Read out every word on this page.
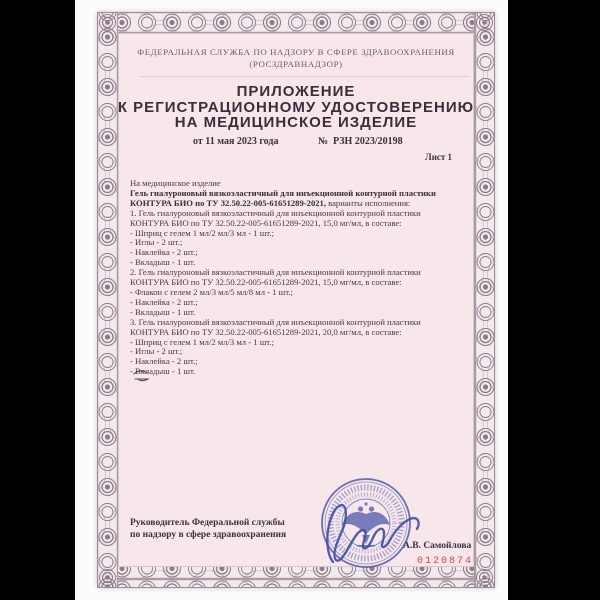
ФЕДЕРАЛЬНАЯ СЛУЖБА ПО НАДЗОРУ В СФЕРЕ ЗДРАВООХРАНЕНИЯ
(РОСЗДРАВНАДЗОР)
ПРИЛОЖЕНИЕ
К РЕГИСТРАЦИОННОМУ УДОСТОВЕРЕНИЮ
НА МЕДИЦИНСКОЕ ИЗДЕЛИЕ
от 11 мая 2023 года	№  РЗН 2023/20198
Лист 1
На медицинское изделие
Гель гиалуроновый вязкоэластичный для инъекционной контурной пластики
КОНТУРА БИО по ТУ 32.50.22-005-61651289-2021, варианты исполнения:
1. Гель гиалуроновый вязкоэластичный для инъекционной контурной пластики
КОНТУРА БИО по ТУ 32.50.22-005-61651289-2021, 15,0 мг/мл, в составе:
- Шприц с гелем 1 мл/2 мл/3 мл - 1 шт.;
- Иглы - 2 шт.;
- Наклейка - 2 шт.;
- Вкладыш - 1 шт.
2. Гель гиалуроновый вязкоэластичный для инъекционной контурной пластики
КОНТУРА БИО по ТУ 32.50.22-005-61651289-2021, 15,0 мг/мл, в составе:
- Флакон с гелем 2 мл/3 мл/5 мл/8 мл - 1 шт.;
- Наклейка - 2 шт.;
- Вкладыш - 1 шт.
3. Гель гиалуроновый вязкоэластичный для инъекционной контурной пластики
КОНТУРА БИО по ТУ 32.50.22-005-61651289-2021, 20,0 мг/мл, в составе:
- Шприц с гелем 1 мл/2 мл/3 мл - 1 шт.;
- Иглы - 2 шт.;
- Наклейка - 2 шт.;
- Вкладыш - 1 шт.
Руководитель Федеральной службы
по надзору в сфере здравоохранения
А.В. Самойлова
0120874
